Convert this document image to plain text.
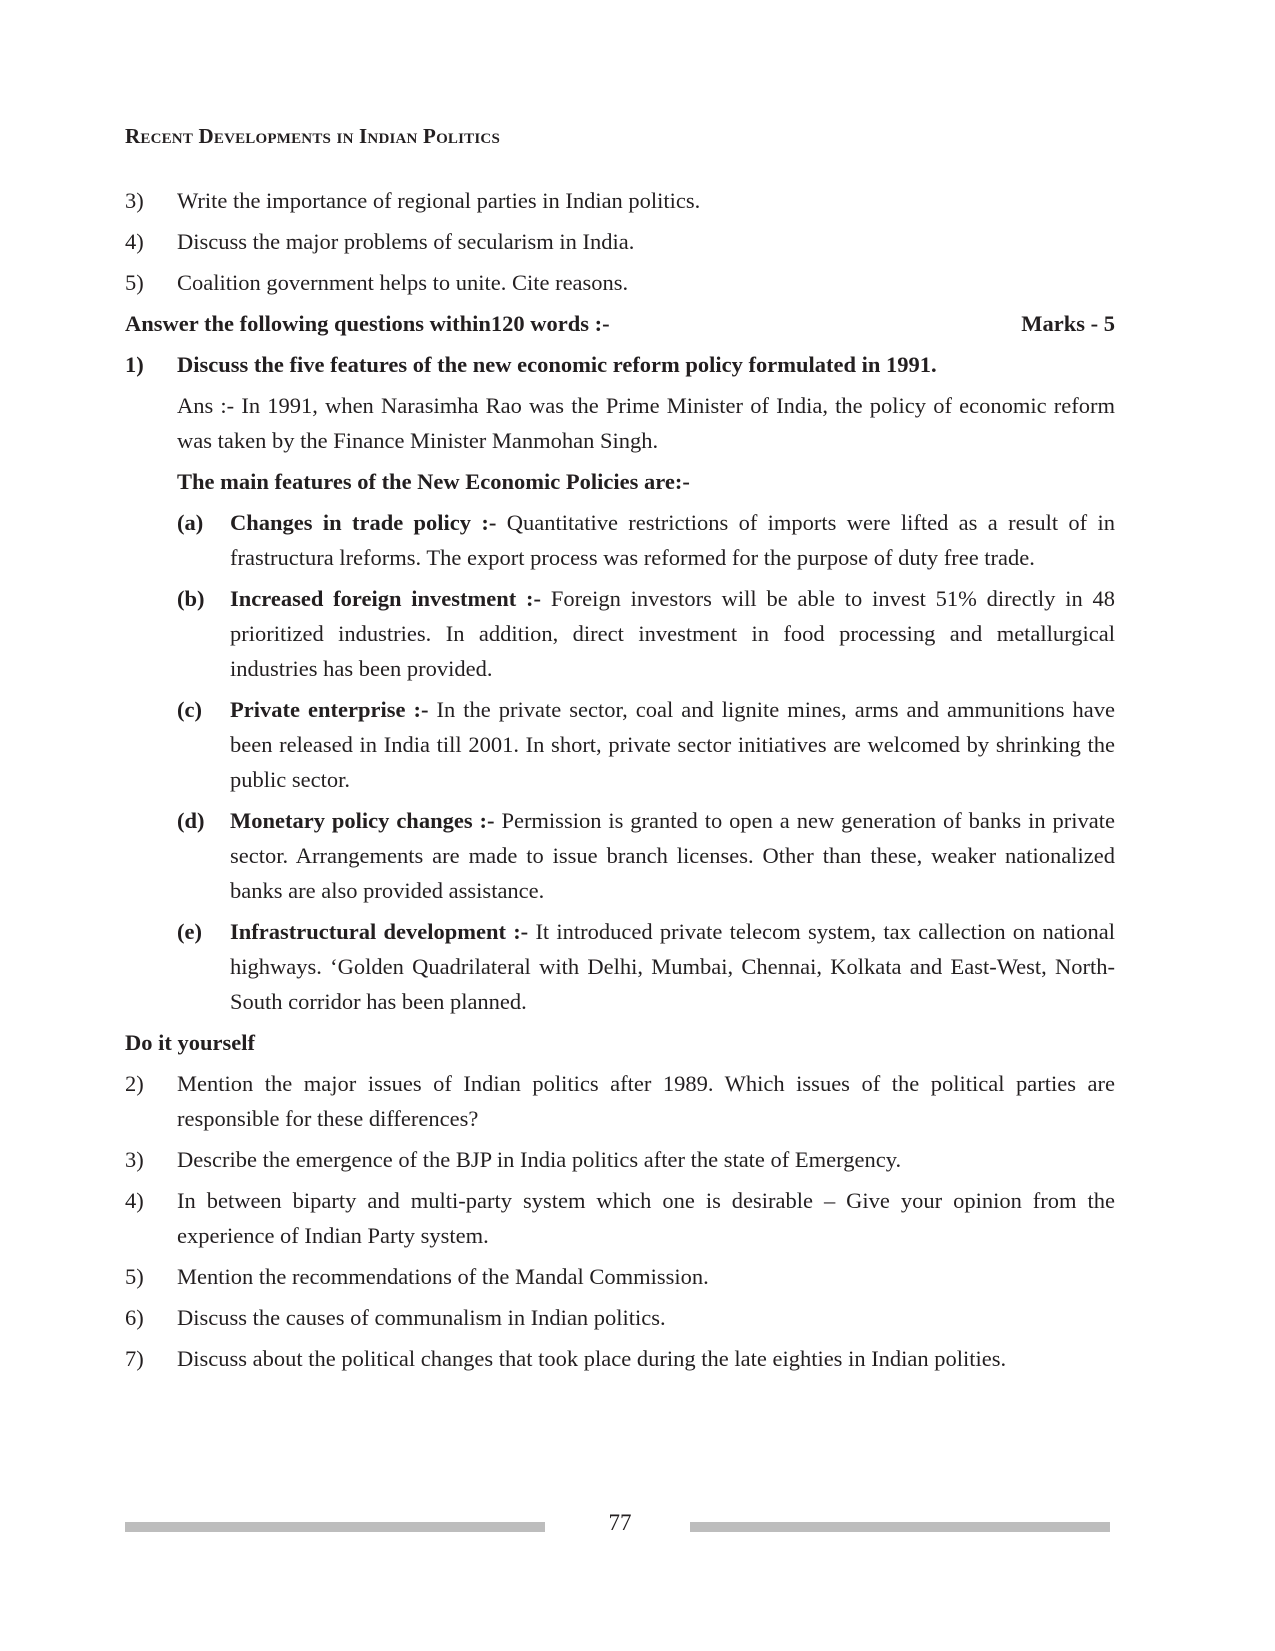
Recent Developments in Indian Politics
3)	Write the importance of regional parties in Indian politics.
4)	Discuss the major problems of secularism in India.
5)	Coalition government helps to unite. Cite reasons.
Answer the following questions within120 words :-	Marks - 5
1)	Discuss the five features of the new economic reform policy formulated in 1991.
Ans :- In 1991, when Narasimha Rao was the Prime Minister of India, the policy of economic reform was taken by the Finance Minister Manmohan Singh.
The main features of the New Economic Policies are:-
(a)	Changes in trade policy :- Quantitative restrictions of imports were lifted as a result of in frastructura lreforms. The export process was reformed for the purpose of duty free trade.
(b)	Increased foreign investment :- Foreign investors will be able to invest 51% directly in 48 prioritized industries. In addition, direct investment in food processing and metallurgical industries has been provided.
(c)	Private enterprise :- In the private sector, coal and lignite mines, arms and ammunitions have been released in India till 2001. In short, private sector initiatives are welcomed by shrinking the public sector.
(d)	Monetary policy changes :- Permission is granted to open a new generation of banks in private sector. Arrangements are made to issue branch licenses. Other than these, weaker nationalized banks are also provided assistance.
(e)	Infrastructural development :- It introduced private telecom system, tax callection on national highways. ‘Golden Quadrilateral with Delhi, Mumbai, Chennai, Kolkata and East-West, North-South corridor has been planned.
Do it yourself
2)	Mention the major issues of Indian politics after 1989. Which issues of the political parties are responsible for these differences?
3)	Describe the emergence of the BJP in India politics after the state of Emergency.
4)	In between biparty and multi-party system which one is desirable – Give your opinion from the experience of Indian Party system.
5)	Mention the recommendations of the Mandal Commission.
6)	Discuss the causes of communalism in Indian politics.
7)	Discuss about the political changes that took place during the late eighties in Indian polities.
77
